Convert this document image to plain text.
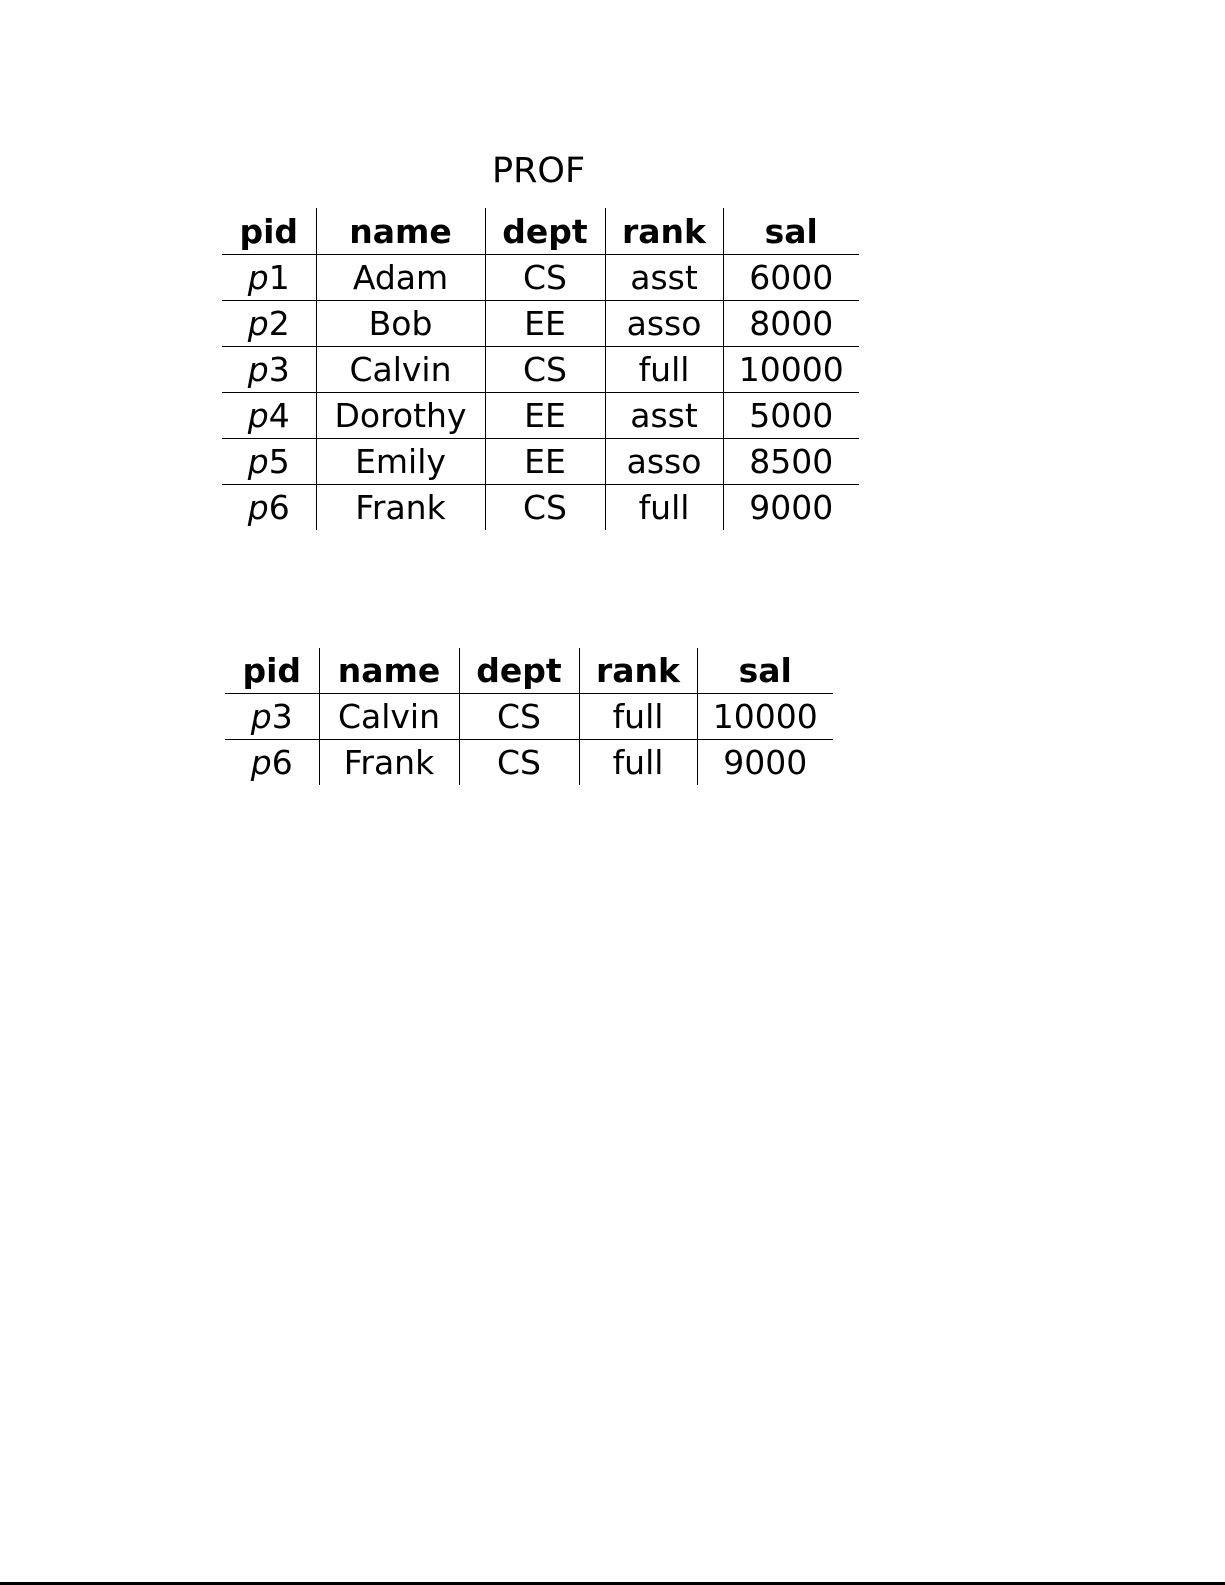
PROF
pid	name	dept	rank	sal
p1	Adam	CS	asst	6000
p2	Bob	EE	asso	8000
p3	Calvin	CS	full	10000
p4	Dorothy	EE	asst	5000
p5	Emily	EE	asso	8500
p6	Frank	CS	full	9000
pid	name	dept	rank	sal
p3	Calvin	CS	full	10000
p6	Frank	CS	full	9000
